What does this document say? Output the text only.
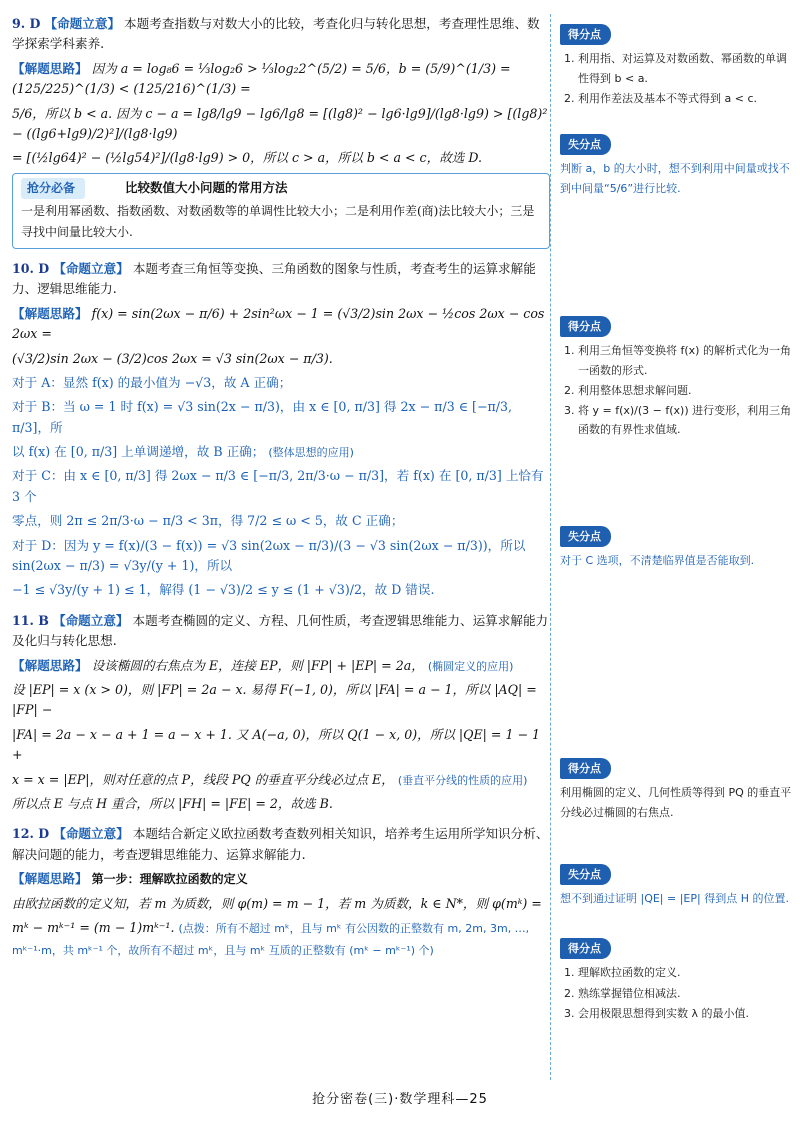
9. D 【命题立意】 本题考查指数与对数大小的比较，考查化归与转化思想，考查理性思维、数学探索学科素养.

【解题思路】 因为 a = log₈6 = ⅓log₂6 > ⅓log₂2^(5/2) = 5/6，b = (5/9)^(1/3) = (125/225)^(1/3) < (125/216)^(1/3) =

5/6，所以 b < a. 因为 c − a = lg8/lg9 − lg6/lg8 = [(lg8)² − lg6·lg9]/(lg8·lg9) > [(lg8)² − ((lg6+lg9)/2)²]/(lg8·lg9)

= [(½lg64)² − (½lg54)²]/(lg8·lg9) > 0，所以 c > a，所以 b < a < c，故选 D.

抢分必备	比较数值大小问题的常用方法
一是利用幂函数、指数函数、对数函数等的单调性比较大小；二是利用作差(商)法比较大小；三是寻找中间量比较大小.

10. D 【命题立意】 本题考查三角恒等变换、三角函数的图象与性质，考查考生的运算求解能力、逻辑思维能力.

【解题思路】 f(x) = sin(2ωx − π/6) + 2sin²ωx − 1 = (√3/2)sin 2ωx − ½cos 2ωx − cos 2ωx =

(√3/2)sin 2ωx − (3/2)cos 2ωx = √3 sin(2ωx − π/3).

对于 A：显然 f(x) 的最小值为 −√3，故 A 正确；

对于 B：当 ω = 1 时 f(x) = √3 sin(2x − π/3)，由 x ∈ [0, π/3] 得 2x − π/3 ∈ [−π/3, π/3]，所

以 f(x) 在 [0, π/3] 上单调递增，故 B 正确； (整体思想的应用)

对于 C：由 x ∈ [0, π/3] 得 2ωx − π/3 ∈ [−π/3, 2π/3·ω − π/3]，若 f(x) 在 [0, π/3] 上恰有 3 个

零点，则 2π ≤ 2π/3·ω − π/3 < 3π，得 7/2 ≤ ω < 5，故 C 正确；

对于 D：因为 y = f(x)/(3 − f(x)) = √3 sin(2ωx − π/3)/(3 − √3 sin(2ωx − π/3))，所以 sin(2ωx − π/3) = √3y/(y + 1)，所以

−1 ≤ √3y/(y + 1) ≤ 1，解得 (1 − √3)/2 ≤ y ≤ (1 + √3)/2，故 D 错误.

11. B 【命题立意】 本题考查椭圆的定义、方程、几何性质，考查逻辑思维能力、运算求解能力及化归与转化思想.

【解题思路】 设该椭圆的右焦点为 E，连接 EP，则 |FP| + |EP| = 2a， (椭圆定义的应用)

设 |EP| = x (x > 0)，则 |FP| = 2a − x. 易得 F(−1, 0)，所以 |FA| = a − 1，所以 |AQ| = |FP| −

|FA| = 2a − x − a + 1 = a − x + 1. 又 A(−a, 0)，所以 Q(1 − x, 0)，所以 |QE| = 1 − 1 +

x = x = |EP|，则对任意的点 P，线段 PQ 的垂直平分线必过点 E， (垂直平分线的性质的应用)

所以点 E 与点 H 重合，所以 |FH| = |FE| = 2，故选 B.

12. D 【命题立意】 本题结合新定义欧拉函数考查数列相关知识，培养考生运用所学知识分析、解决问题的能力，考查逻辑思维能力、运算求解能力.

【解题思路】 第一步：理解欧拉函数的定义

由欧拉函数的定义知，若 m 为质数，则 φ(m) = m − 1，若 m 为质数，k ∈ N*，则 φ(mᵏ) =

mᵏ − mᵏ⁻¹ = (m − 1)mᵏ⁻¹. (点拨：所有不超过 mᵏ，且与 mᵏ 有公因数的正整数有 m, 2m, 3m, …,

mᵏ⁻¹·m，共 mᵏ⁻¹ 个，故所有不超过 mᵏ，且与 mᵏ 互质的正整数有 (mᵏ − mᵏ⁻¹) 个)

得分点
1. 利用指、对运算及对数函数、幂函数的单调性得到 b < a.
2. 利用作差法及基本不等式得到 a < c.
失分点

判断 a，b 的大小时，想不到利用中间量或找不到中间量“5/6”进行比较.

得分点
1. 利用三角恒等变换将 f(x) 的解析式化为一角一函数的形式.
2. 利用整体思想求解问题.
3. 将 y = f(x)/(3 − f(x)) 进行变形，利用三角函数的有界性求值域.
失分点

对于 C 选项，不清楚临界值是否能取到.

得分点

利用椭圆的定义、几何性质等得到 PQ 的垂直平分线必过椭圆的右焦点.

失分点

想不到通过证明 |QE| = |EP| 得到点 H 的位置.

得分点
1. 理解欧拉函数的定义.
2. 熟练掌握错位相减法.
3. 会用极限思想得到实数 λ 的最小值.
抢分密卷(三)·数学理科—25
